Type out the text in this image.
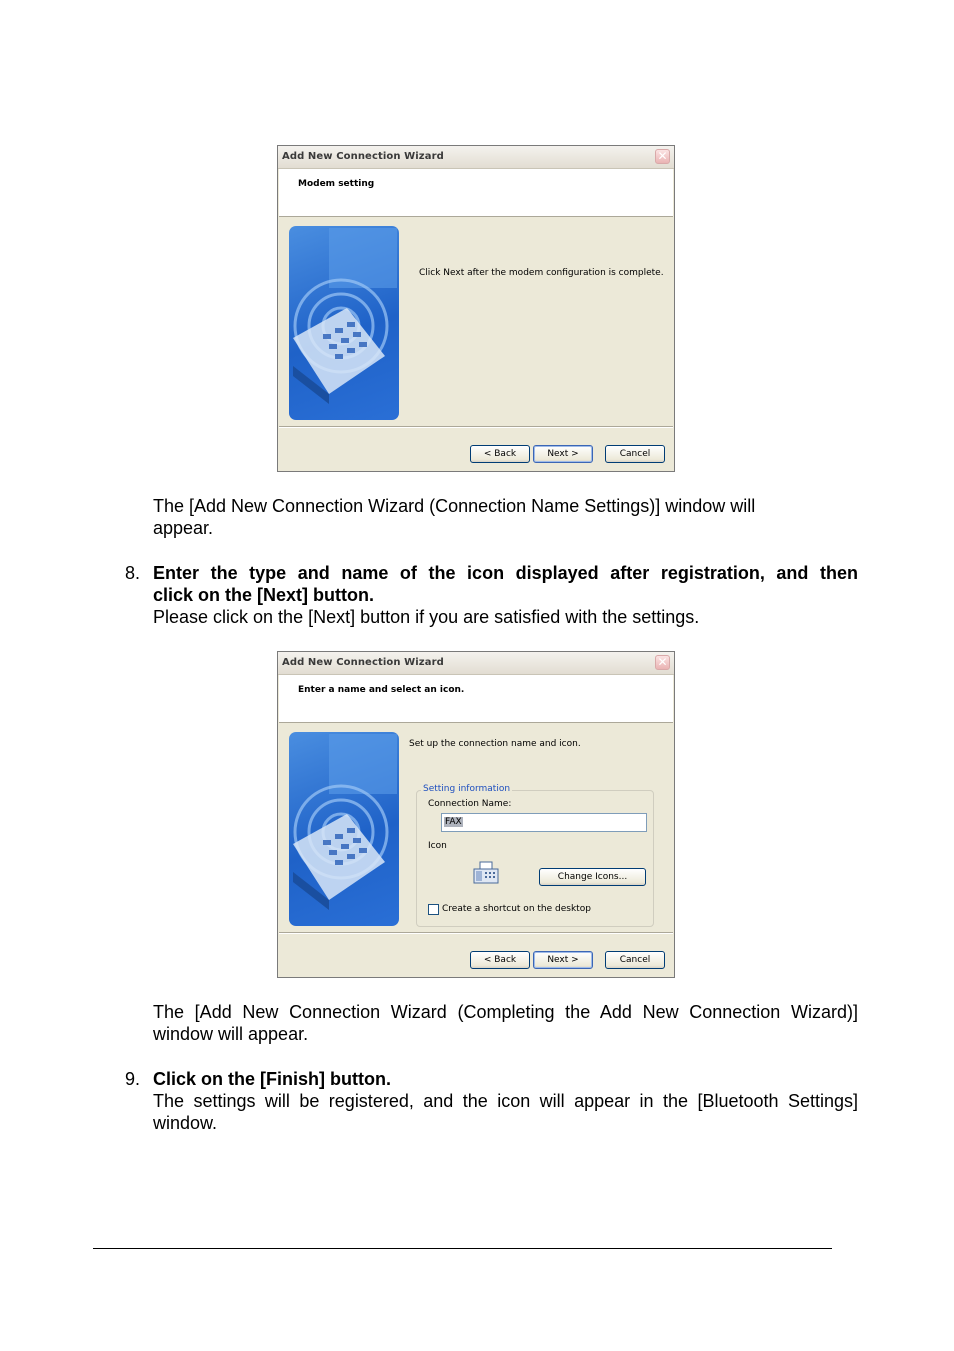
Add New Connection Wizard	✕
Modem setting
Click Next after the modem configuration is complete.
< Back	Next >	Cancel
The [Add New Connection Wizard (Connection Name Settings)] window will appear.
8. Enter the type and name of the icon displayed after registration, and then
click on the [Next] button.
Please click on the [Next] button if you are satisfied with the settings.
Add New Connection Wizard	✕
Enter a name and select an icon.
Set up the connection name and icon.
Setting information
Connection Name:
FAX
Icon
Change Icons...
Create a shortcut on the desktop
< Back	Next >	Cancel
The [Add New Connection Wizard (Completing the Add New Connection Wizard)]
window will appear.
9. Click on the [Finish] button.
The settings will be registered, and the icon will appear in the [Bluetooth Settings]
window.
